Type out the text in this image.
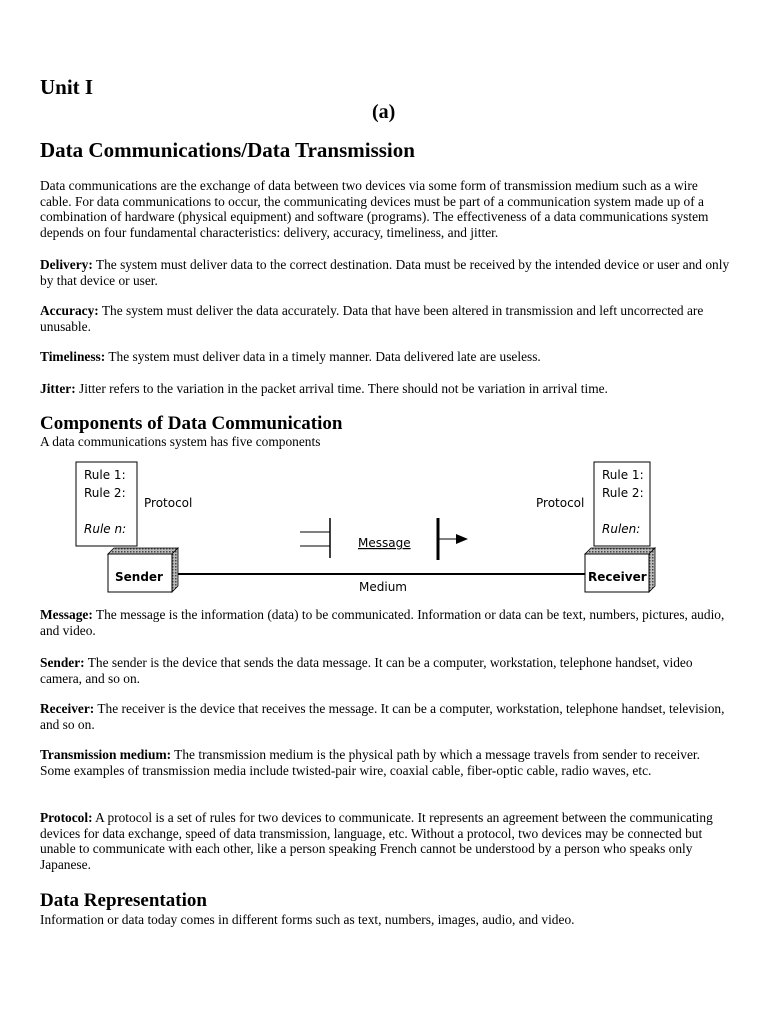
Unit I
(a)
Data Communications/Data Transmission

Data communications are the exchange of data between two devices via some form of transmission medium such as a wire cable. For data communications to occur, the communicating devices must be part of a communication system made up of a combination of hardware (physical equipment) and software (programs). The effectiveness of a data communications system depends on four fundamental characteristics: delivery, accuracy, timeliness, and jitter.

Delivery: The system must deliver data to the correct destination. Data must be received by the intended device or user and only by that device or user.

Accuracy: The system must deliver the data accurately. Data that have been altered in transmission and left uncorrected are unusable.

Timeliness: The system must deliver data in a timely manner. Data delivered late are useless.

Jitter: Jitter refers to the variation in the packet arrival time. There should not be variation in arrival time.

Components of Data Communication

A data communications system has five components

Rule 1:
Rule 2:
Rule n:
Protocol
Rule 1:
Rule 2:
Rulen:
Protocol
Message
Medium
Sender	Receiver

Message: The message is the information (data) to be communicated. Information or data can be text, numbers, pictures, audio, and video.

Sender: The sender is the device that sends the data message. It can be a computer, workstation, telephone handset, video camera, and so on.

Receiver: The receiver is the device that receives the message. It can be a computer, workstation, telephone handset, television, and so on.

Transmission medium: The transmission medium is the physical path by which a message travels from sender to receiver. Some examples of transmission media include twisted-pair wire, coaxial cable, fiber-optic cable, radio waves, etc.

Protocol: A protocol is a set of rules for two devices to communicate. It represents an agreement between the communicating devices for data exchange, speed of data transmission, language, etc. Without a protocol, two devices may be connected but unable to communicate with each other, like a person speaking French cannot be understood by a person who speaks only Japanese.

Data Representation

Information or data today comes in different forms such as text, numbers, images, audio, and video.
